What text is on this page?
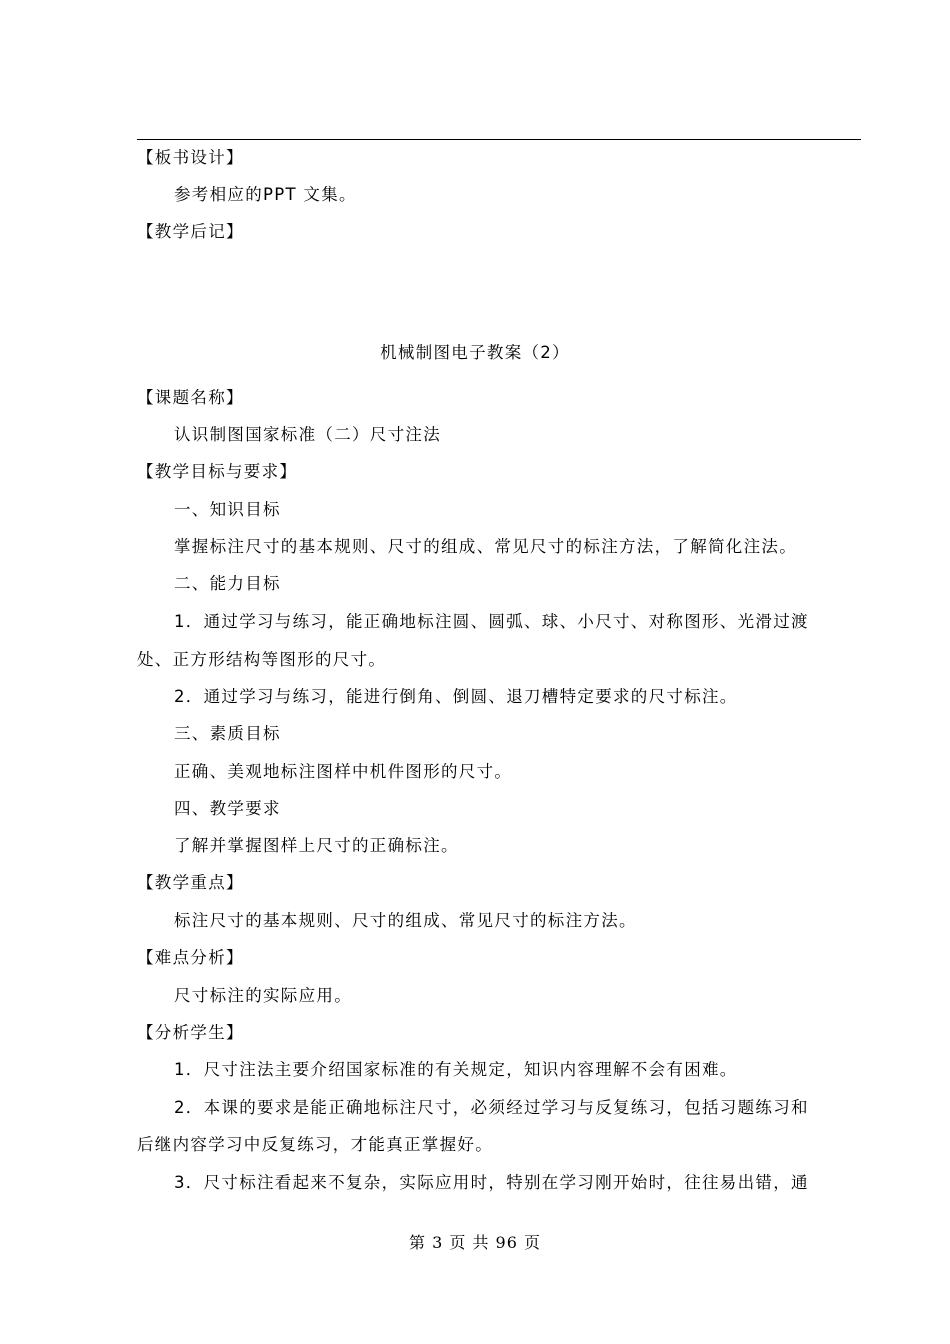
【板书设计】
参考相应的PPT 文集。
【教学后记】
机械制图电子教案（2）
【课题名称】
认识制图国家标准（二）尺寸注法
【教学目标与要求】
一、知识目标
掌握标注尺寸的基本规则、尺寸的组成、常见尺寸的标注方法，了解简化注法。
二、能力目标
1．通过学习与练习，能正确地标注圆、圆弧、球、小尺寸、对称图形、光滑过渡
处、正方形结构等图形的尺寸。
2．通过学习与练习，能进行倒角、倒圆、退刀槽特定要求的尺寸标注。
三、素质目标
正确、美观地标注图样中机件图形的尺寸。
四、教学要求
了解并掌握图样上尺寸的正确标注。
【教学重点】
标注尺寸的基本规则、尺寸的组成、常见尺寸的标注方法。
【难点分析】
尺寸标注的实际应用。
【分析学生】
1．尺寸注法主要介绍国家标准的有关规定，知识内容理解不会有困难。
2．本课的要求是能正确地标注尺寸，必须经过学习与反复练习，包括习题练习和
后继内容学习中反复练习，才能真正掌握好。
3．尺寸标注看起来不复杂，实际应用时，特别在学习刚开始时，往往易出错，通
第 3 页 共 96 页
